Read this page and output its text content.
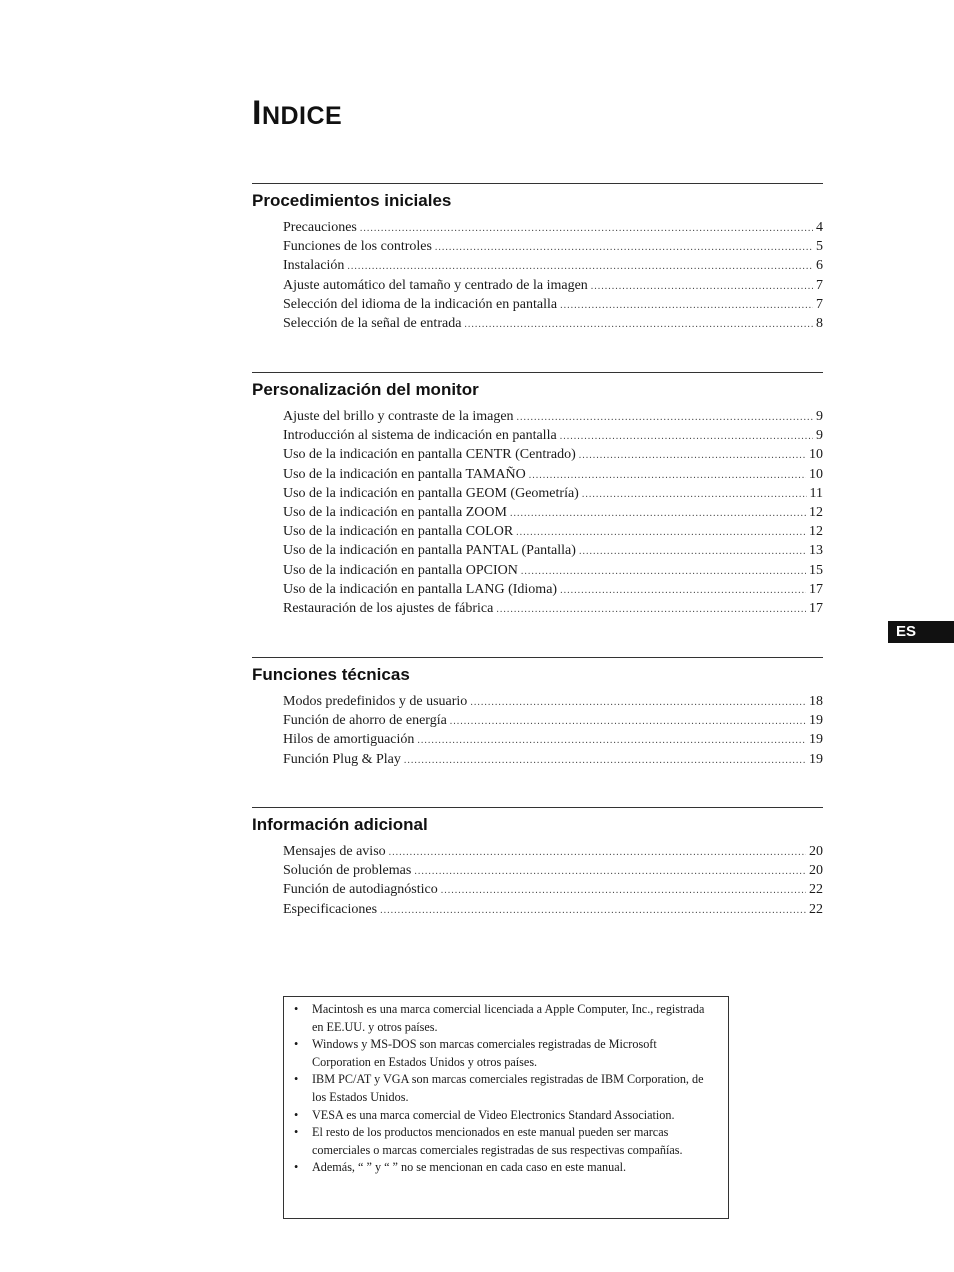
INDICE
Procedimientos iniciales
Precauciones .....	4
Funciones de los controles .....	5
Instalación .....	6
Ajuste automático del tamaño y centrado de la imagen .....	7
Selección del idioma de la indicación en pantalla .....	7
Selección de la señal de entrada .....	8
Personalización del monitor
Ajuste del brillo y contraste de la imagen .....	9
Introducción al sistema de indicación en pantalla .....	9
Uso de la indicación en pantalla CENTR (Centrado) .....	10
Uso de la indicación en pantalla TAMAÑO .....	10
Uso de la indicación en pantalla GEOM (Geometría) .....	11
Uso de la indicación en pantalla ZOOM .....	12
Uso de la indicación en pantalla COLOR .....	12
Uso de la indicación en pantalla PANTAL (Pantalla) .....	13
Uso de la indicación en pantalla OPCION .....	15
Uso de la indicación en pantalla LANG (Idioma) .....	17
Restauración de los ajustes de fábrica .....	17
ES
Funciones técnicas
Modos predefinidos y de usuario .....	18
Función de ahorro de energía .....	19
Hilos de amortiguación .....	19
Función Plug & Play .....	19
Información adicional
Mensajes de aviso .....	20
Solución de problemas .....	20
Función de autodiagnóstico .....	22
Especificaciones .....	22
• Macintosh es una marca comercial licenciada a Apple Computer, Inc., registrada en EE.UU. y otros países.
• Windows y MS-DOS son marcas comerciales registradas de Microsoft Corporation en Estados Unidos y otros países.
• IBM PC/AT y VGA son marcas comerciales registradas de IBM Corporation, de los Estados Unidos.
• VESA es una marca comercial de Video Electronics Standard Association.
• El resto de los productos mencionados en este manual pueden ser marcas comerciales o marcas comerciales registradas de sus respectivas compañías.
• Además, “ ” y “ ” no se mencionan en cada caso en este manual.
